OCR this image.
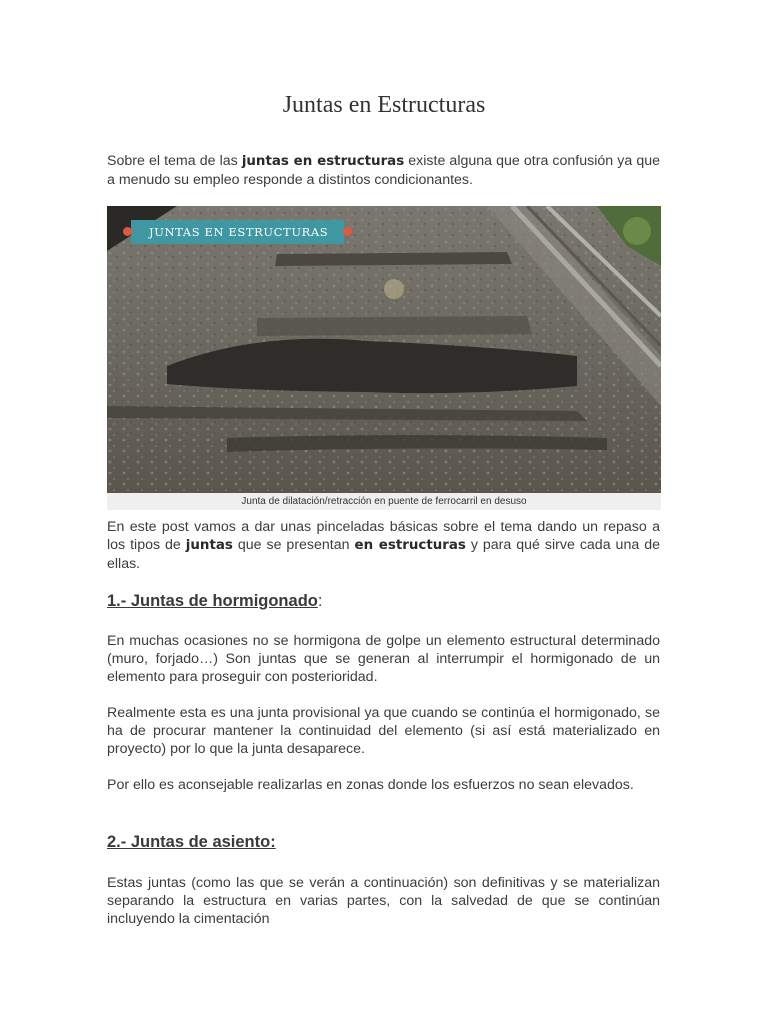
Juntas en Estructuras

Sobre el tema de las juntas en estructuras existe alguna que otra confusión ya que a menudo su empleo responde a distintos condicionantes.

JUNTAS EN ESTRUCTURAS
Junta de dilatación/retracción en puente de ferrocarril en desuso

En este post vamos a dar unas pinceladas básicas sobre el tema dando un repaso a los tipos de juntas que se presentan en estructuras y para qué sirve cada una de ellas.

1.- Juntas de hormigonado:

En muchas ocasiones no se hormigona de golpe un elemento estructural determinado (muro, forjado…) Son juntas que se generan al interrumpir el hormigonado de un elemento para proseguir con posterioridad.

Realmente esta es una junta provisional ya que cuando se continúa el hormigonado, se ha de procurar mantener la continuidad del elemento (si así está materializado en proyecto) por lo que la junta desaparece.

Por ello es aconsejable realizarlas en zonas donde los esfuerzos no sean elevados.

2.- Juntas de asiento:

Estas juntas (como las que se verán a continuación) son definitivas y se materializan separando la estructura en varias partes, con la salvedad de que se continúan incluyendo la cimentación
